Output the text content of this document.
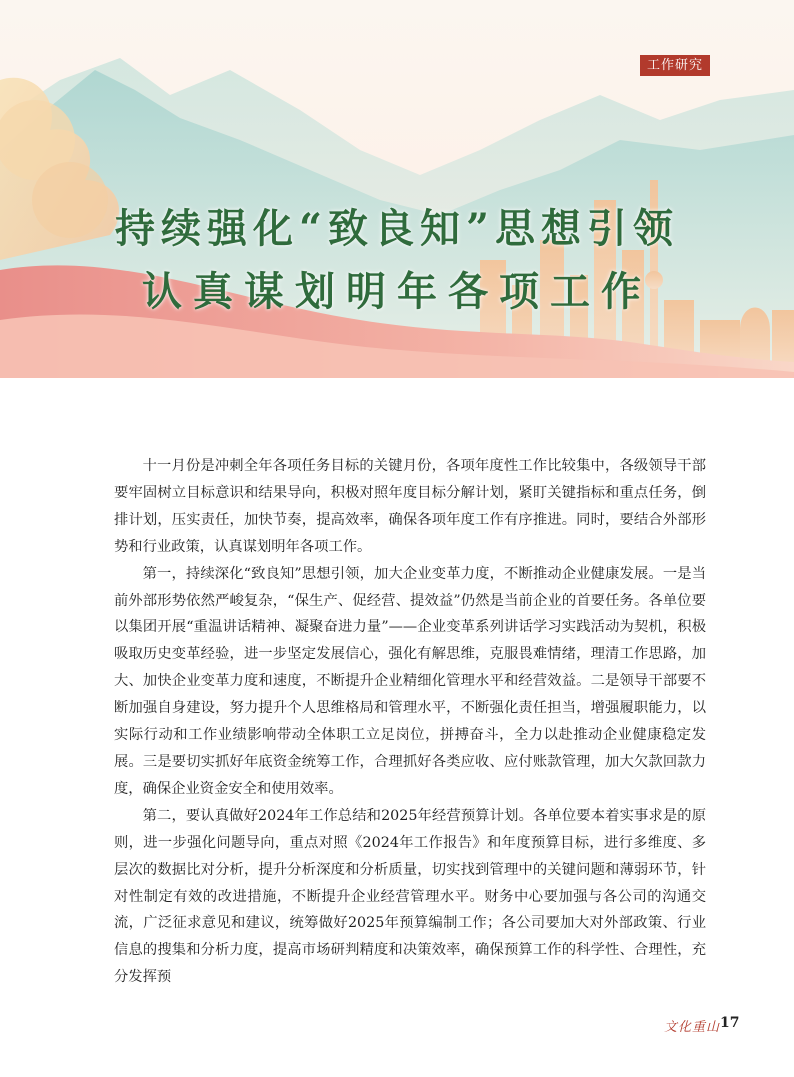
工作研究
持续强化“致良知”思想引领
认真谋划明年各项工作

十一月份是冲刺全年各项任务目标的关键月份，各项年度性工作比较集中，各级领导干部要牢固树立目标意识和结果导向，积极对照年度目标分解计划，紧盯关键指标和重点任务，倒排计划，压实责任，加快节奏，提高效率，确保各项年度工作有序推进。同时，要结合外部形势和行业政策，认真谋划明年各项工作。

第一，持续深化“致良知”思想引领，加大企业变革力度，不断推动企业健康发展。一是当前外部形势依然严峻复杂，“保生产、促经营、提效益”仍然是当前企业的首要任务。各单位要以集团开展“重温讲话精神、凝聚奋进力量”——企业变革系列讲话学习实践活动为契机，积极吸取历史变革经验，进一步坚定发展信心，强化有解思维，克服畏难情绪，理清工作思路，加大、加快企业变革力度和速度，不断提升企业精细化管理水平和经营效益。二是领导干部要不断加强自身建设，努力提升个人思维格局和管理水平，不断强化责任担当，增强履职能力，以实际行动和工作业绩影响带动全体职工立足岗位，拼搏奋斗，全力以赴推动企业健康稳定发展。三是要切实抓好年底资金统筹工作，合理抓好各类应收、应付账款管理，加大欠款回款力度，确保企业资金安全和使用效率。

第二，要认真做好2024年工作总结和2025年经营预算计划。各单位要本着实事求是的原则，进一步强化问题导向，重点对照《2024年工作报告》和年度预算目标，进行多维度、多层次的数据比对分析，提升分析深度和分析质量，切实找到管理中的关键问题和薄弱环节，针对性制定有效的改进措施，不断提升企业经营管理水平。财务中心要加强与各公司的沟通交流，广泛征求意见和建议，统筹做好2025年预算编制工作；各公司要加大对外部政策、行业信息的搜集和分析力度，提高市场研判精度和决策效率，确保预算工作的科学性、合理性，充分发挥预

文化重山 17
